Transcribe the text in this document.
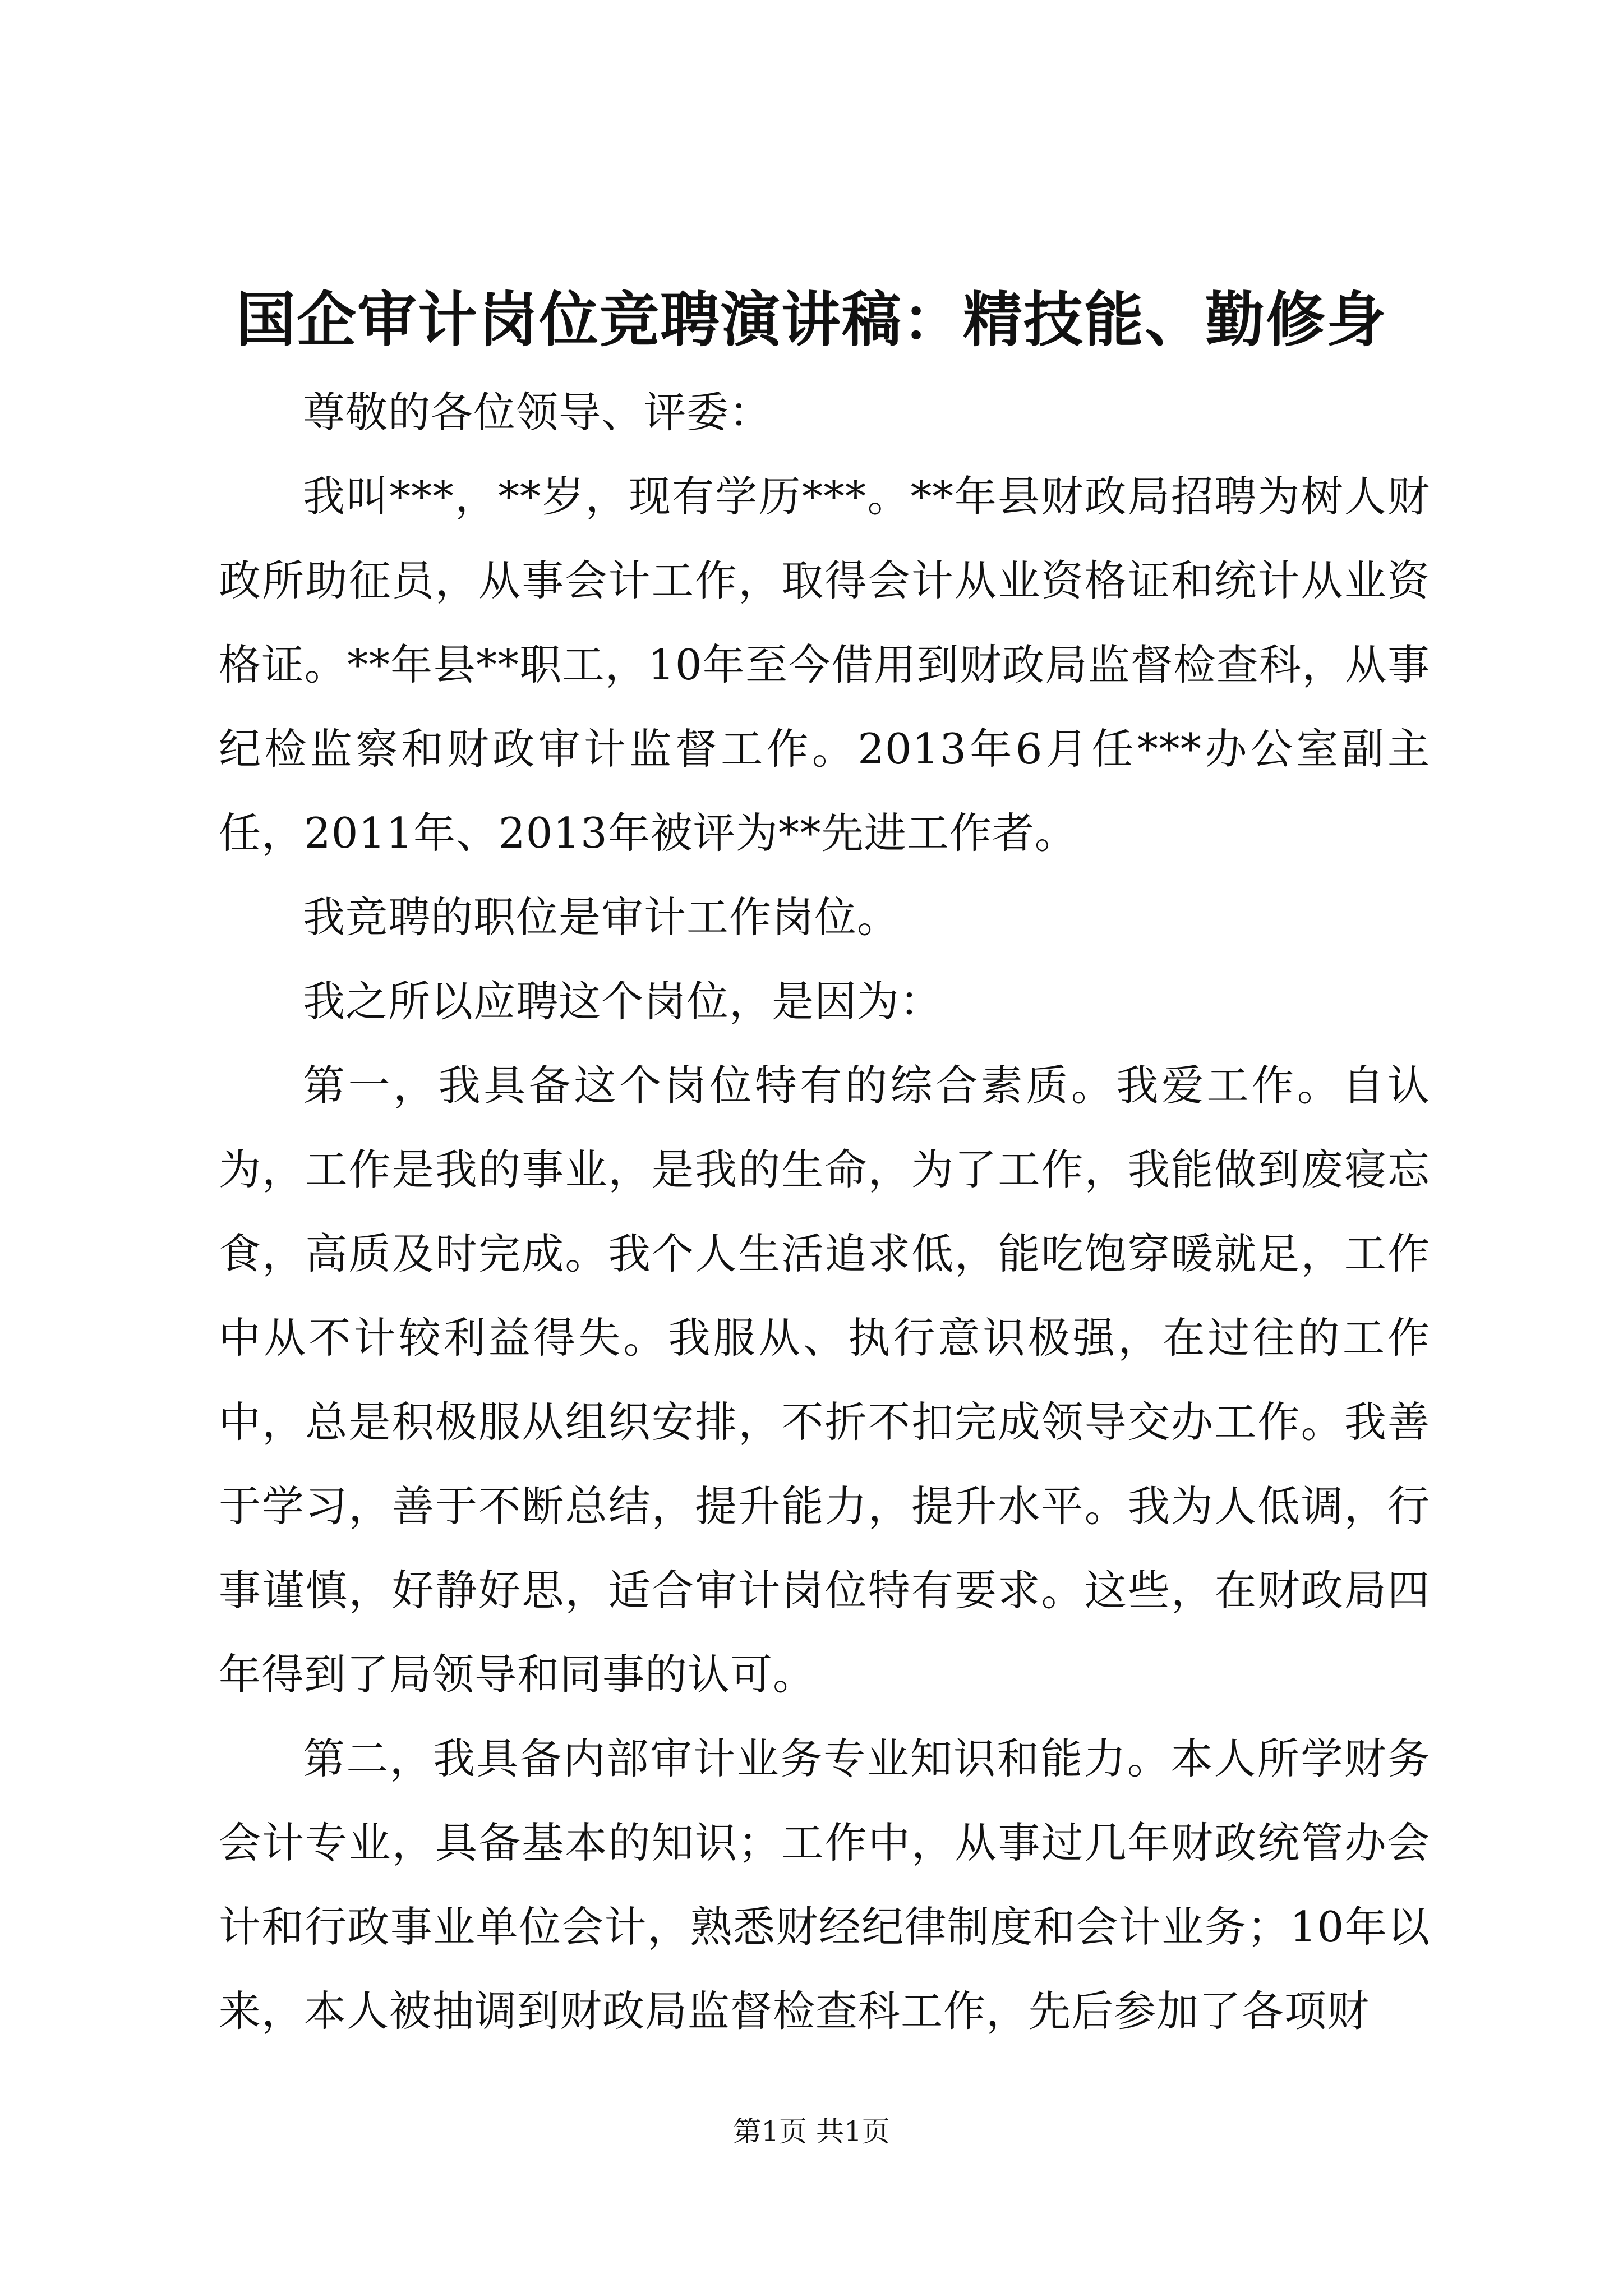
国企审计岗位竞聘演讲稿：精技能、勤修身

尊敬的各位领导、评委：

我叫***，**岁，现有学历***。**年县财政局招聘为树人财政所助征员，从事会计工作，取得会计从业资格证和统计从业资格证。**年县**职工，10年至今借用到财政局监督检查科，从事纪检监察和财政审计监督工作。2013年6月任***办公室副主任，2011年、2013年被评为**先进工作者。

我竞聘的职位是审计工作岗位。

我之所以应聘这个岗位，是因为：

第一，我具备这个岗位特有的综合素质。我爱工作。自认为，工作是我的事业，是我的生命，为了工作，我能做到废寝忘食，高质及时完成。我个人生活追求低，能吃饱穿暖就足，工作中从不计较利益得失。我服从、执行意识极强，在过往的工作中，总是积极服从组织安排，不折不扣完成领导交办工作。我善于学习，善于不断总结，提升能力，提升水平。我为人低调，行事谨慎，好静好思，适合审计岗位特有要求。这些，在财政局四年得到了局领导和同事的认可。

第二，我具备内部审计业务专业知识和能力。本人所学财务会计专业，具备基本的知识；工作中，从事过几年财政统管办会计和行政事业单位会计，熟悉财经纪律制度和会计业务；10年以来，本人被抽调到财政局监督检查科工作，先后参加了各项财

第1页 共1页
